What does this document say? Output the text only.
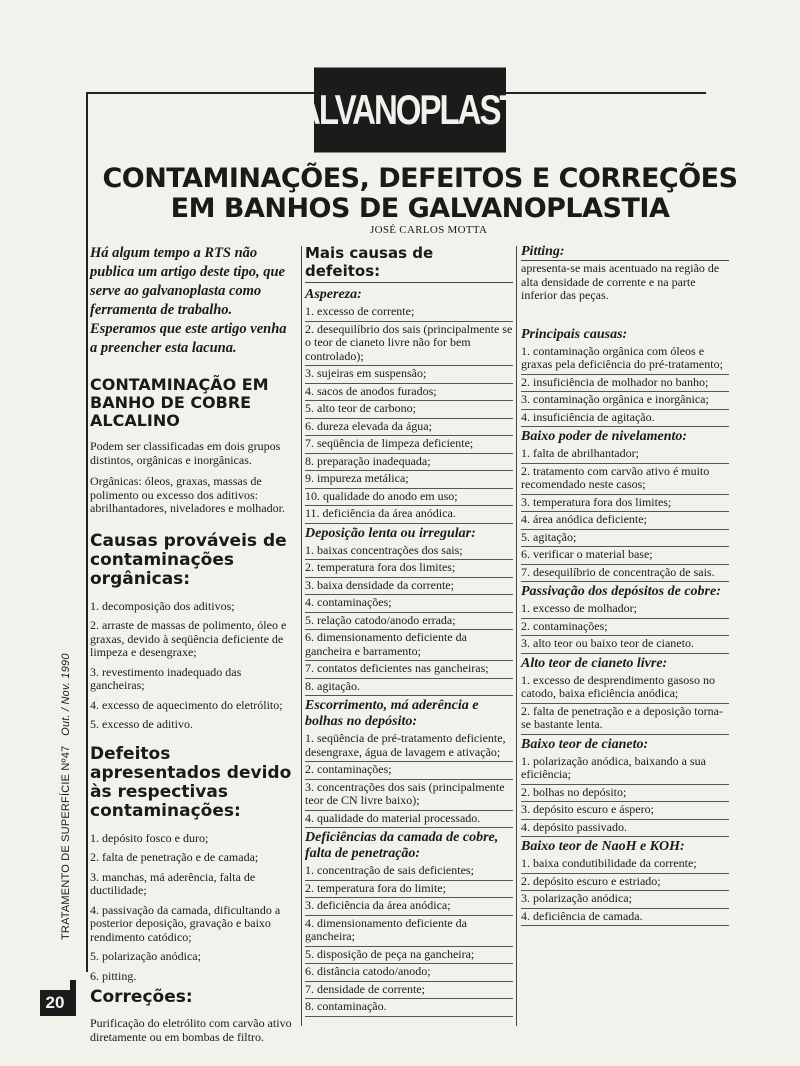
GALVANOPLASTIA
CONTAMINAÇÕES, DEFEITOS E CORREÇÕES
EM BANHOS DE GALVANOPLASTIA
JOSÉ CARLOS MOTTA

Há algum tempo a RTS não publica um artigo deste tipo, que serve ao galvanoplasta como ferramenta de trabalho. Esperamos que este artigo venha a preencher esta lacuna.

CONTAMINAÇÃO EM BANHO DE COBRE ALCALINO

Podem ser classificadas em dois grupos distintos, orgânicas e inorgânicas.

Orgânicas: óleos, graxas, massas de polimento ou excesso dos aditivos: abrilhantadores, niveladores e molhador.

Causas prováveis de contaminações orgânicas:
1. decomposição dos aditivos;
2. arraste de massas de polimento, óleo e graxas, devido à seqüência deficiente de limpeza e desengraxe;
3. revestimento inadequado das gancheiras;
4. excesso de aquecimento do eletrólito;
5. excesso de aditivo.
Defeitos apresentados devido às respectivas contaminações:
1. depósito fosco e duro;
2. falta de penetração e de camada;
3. manchas, má aderência, falta de ductilidade;
4. passivação da camada, dificultando a posterior deposição, gravação e baixo rendimento catódico;
5. polarização anódica;
6. pitting.
Correções:

Purificação do eletrólito com carvão ativo diretamente ou em bombas de filtro.

Mais causas de defeitos:
Aspereza:
1. excesso de corrente;
2. desequilíbrio dos sais (principalmente se o teor de cianeto livre não for bem controlado);
3. sujeiras em suspensão;
4. sacos de anodos furados;
5. alto teor de carbono;
6. dureza elevada da água;
7. seqüência de limpeza deficiente;
8. preparação inadequada;
9. impureza metálica;
10. qualidade do anodo em uso;
11. deficiência da área anódica.
Deposição lenta ou irregular:
1. baixas concentrações dos sais;
2. temperatura fora dos limites;
3. baixa densidade da corrente;
4. contaminações;
5. relação catodo/anodo errada;
6. dimensionamento deficiente da gancheira e barramento;
7. contatos deficientes nas gancheiras;
8. agitação.
Escorrimento, má aderência e bolhas no depósito:
1. seqüência de pré-tratamento deficiente, desengraxe, água de lavagem e ativação;
2. contaminações;
3. concentrações dos sais (principalmente teor de CN livre baixo);
4. qualidade do material processado.
Deficiências da camada de cobre, falta de penetração:
1. concentração de sais deficientes;
2. temperatura fora do limite;
3. deficiência da área anódica;
4. dimensionamento deficiente da gancheira;
5. disposição de peça na gancheira;
6. distância catodo/anodo;
7. densidade de corrente;
8. contaminação.
Pitting:

apresenta-se mais acentuado na região de alta densidade de corrente e na parte inferior das peças.

Principais causas:
1. contaminação orgânica com óleos e graxas pela deficiência do pré-tratamento;
2. insuficiência de molhador no banho;
3. contaminação orgânica e inorgânica;
4. insuficiência de agitação.
Baixo poder de nivelamento:
1. falta de abrilhantador;
2. tratamento com carvão ativo é muito recomendado neste casos;
3. temperatura fora dos limites;
4. área anódica deficiente;
5. agitação;
6. verificar o material base;
7. desequilíbrio de concentração de sais.
Passivação dos depósitos de cobre:
1. excesso de molhador;
2. contaminações;
3. alto teor ou baixo teor de cianeto.
Alto teor de cianeto livre:
1. excesso de desprendimento gasoso no catodo, baixa eficiência anódica;
2. falta de penetração e a deposição torna-se bastante lenta.
Baixo teor de cianeto:
1. polarização anódica, baixando a sua eficiência;
2. bolhas no depósito;
3. depósito escuro e áspero;
4. depósito passivado.
Baixo teor de NaoH e KOH:
1. baixa condutibilidade da corrente;
2. depósito escuro e estriado;
3. polarização anódica;
4. deficiência de camada.
TRATAMENTO DE SUPERFÍCIE Nº47   Out. / Nov. 1990
20
